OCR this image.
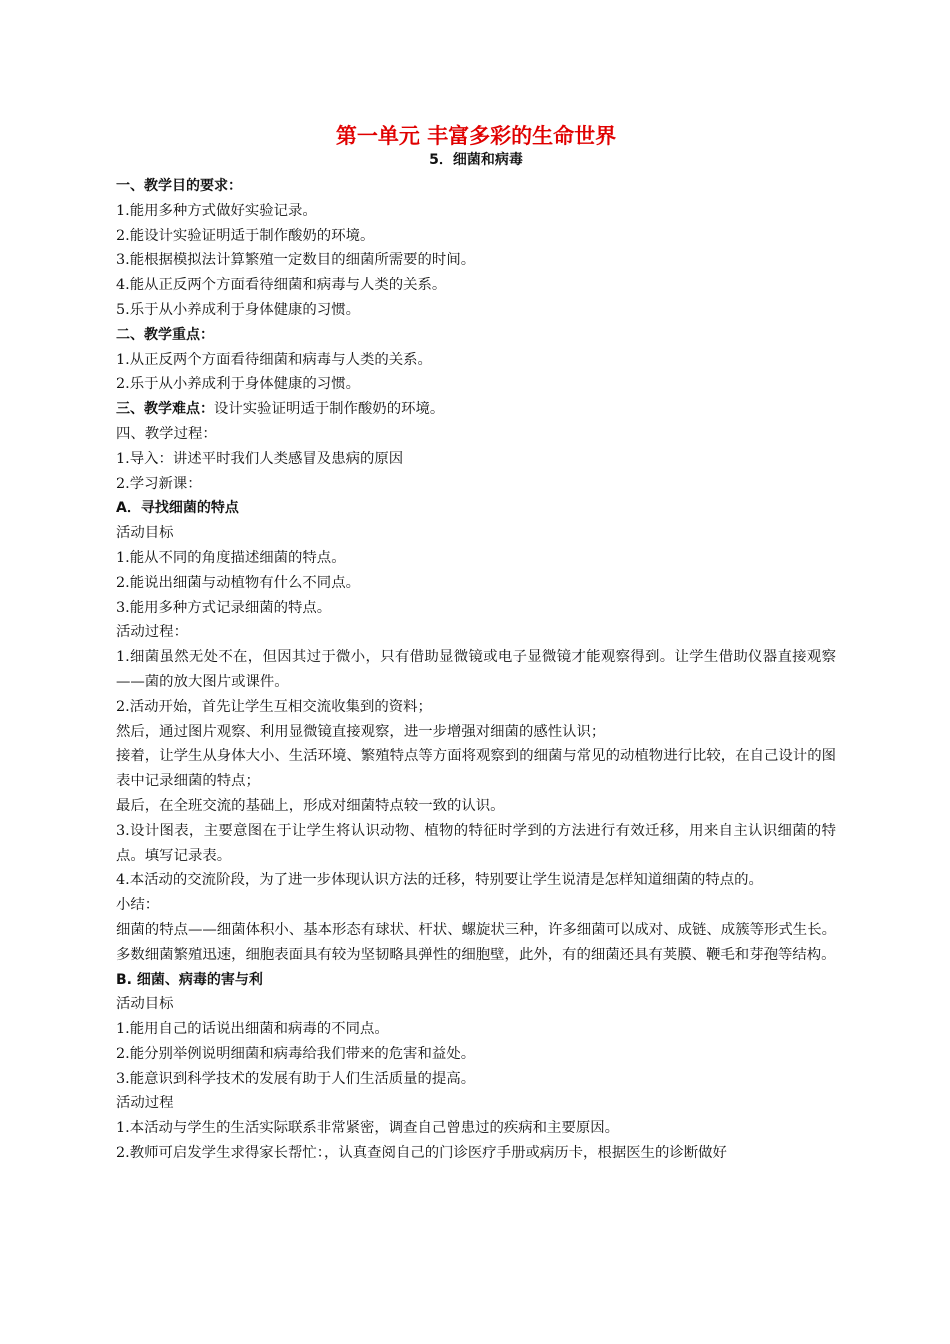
第一单元 丰富多彩的生命世界

5．细菌和病毒

一、教学目的要求：

1.能用多种方式做好实验记录。

2.能设计实验证明适于制作酸奶的环境。

3.能根据模拟法计算繁殖一定数目的细菌所需要的时间。

4.能从正反两个方面看待细菌和病毒与人类的关系。

5.乐于从小养成利于身体健康的习惯。

二、教学重点：

1.从正反两个方面看待细菌和病毒与人类的关系。

2.乐于从小养成利于身体健康的习惯。

三、教学难点：设计实验证明适于制作酸奶的环境。

四、教学过程：

1.导入：讲述平时我们人类感冒及患病的原因

2.学习新课：

A．寻找细菌的特点

活动目标

1.能从不同的角度描述细菌的特点。

2.能说出细菌与动植物有什么不同点。

3.能用多种方式记录细菌的特点。

活动过程：

1.细菌虽然无处不在，但因其过于微小，只有借助显微镜或电子显微镜才能观察得到。让学生借助仪器直接观察——菌的放大图片或课件。

2.活动开始，首先让学生互相交流收集到的资料；

然后，通过图片观察、利用显微镜直接观察，进一步增强对细菌的感性认识；

接着，让学生从身体大小、生活环境、繁殖特点等方面将观察到的细菌与常见的动植物进行比较，在自己设计的图表中记录细菌的特点；

最后，在全班交流的基础上，形成对细菌特点较一致的认识。

3.设计图表，主要意图在于让学生将认识动物、植物的特征时学到的方法进行有效迁移，用来自主认识细菌的特点。填写记录表。

4.本活动的交流阶段，为了进一步体现认识方法的迁移，特别要让学生说清是怎样知道细菌的特点的。

小结：

细菌的特点——细菌体积小、基本形态有球状、杆状、螺旋状三种，许多细菌可以成对、成链、成簇等形式生长。多数细菌繁殖迅速，细胞表面具有较为坚韧略具弹性的细胞壁，此外，有的细菌还具有荚膜、鞭毛和芽孢等结构。

B. 细菌、病毒的害与利

活动目标

1.能用自己的话说出细菌和病毒的不同点。

2.能分别举例说明细菌和病毒给我们带来的危害和益处。

3.能意识到科学技术的发展有助于人们生活质量的提高。

活动过程

1.本活动与学生的生活实际联系非常紧密，调查自己曾患过的疾病和主要原因。

2.教师可启发学生求得家长帮忙：，认真查阅自己的门诊医疗手册或病历卡，根据医生的诊断做好
